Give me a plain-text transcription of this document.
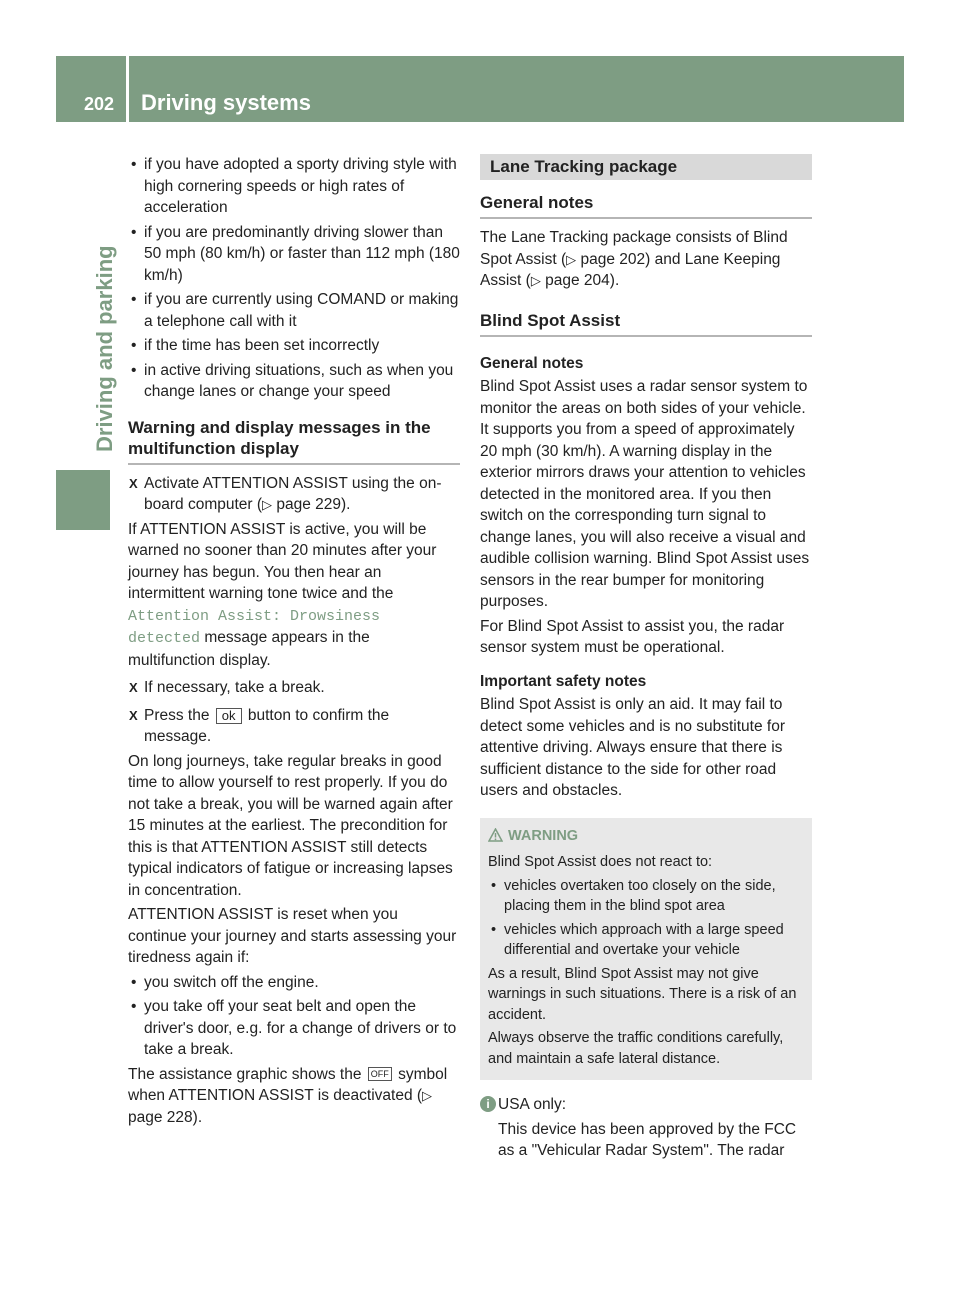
202 Driving systems
Driving and parking
• if you have adopted a sporty driving style with high cornering speeds or high rates of acceleration
• if you are predominantly driving slower than 50 mph (80 km/h) or faster than 112 mph (180 km/h)
• if you are currently using COMAND or making a telephone call with it
• if the time has been set incorrectly
• in active driving situations, such as when you change lanes or change your speed
Warning and display messages in the multifunction display
X Activate ATTENTION ASSIST using the on-board computer (▷ page 229).

If ATTENTION ASSIST is active, you will be warned no sooner than 20 minutes after your journey has begun. You then hear an intermittent warning tone twice and the Attention Assist: Drowsiness detected message appears in the multifunction display.

X If necessary, take a break.
X Press the ok button to confirm the message.

On long journeys, take regular breaks in good time to allow yourself to rest properly. If you do not take a break, you will be warned again after 15 minutes at the earliest. The precondition for this is that ATTENTION ASSIST still detects typical indicators of fatigue or increasing lapses in concentration.

ATTENTION ASSIST is reset when you continue your journey and starts assessing your tiredness again if:

• you switch off the engine.
• you take off your seat belt and open the driver's door, e.g. for a change of drivers or to take a break.

The assistance graphic shows the OFF symbol when ATTENTION ASSIST is deactivated (▷ page 228).

Lane Tracking package
General notes

The Lane Tracking package consists of Blind Spot Assist (▷ page 202) and Lane Keeping Assist (▷ page 204).

Blind Spot Assist
General notes

Blind Spot Assist uses a radar sensor system to monitor the areas on both sides of your vehicle. It supports you from a speed of approximately 20 mph (30 km/h). A warning display in the exterior mirrors draws your attention to vehicles detected in the monitored area. If you then switch on the corresponding turn signal to change lanes, you will also receive a visual and audible collision warning. Blind Spot Assist uses sensors in the rear bumper for monitoring purposes.

For Blind Spot Assist to assist you, the radar sensor system must be operational.

Important safety notes

Blind Spot Assist is only an aid. It may fail to detect some vehicles and is no substitute for attentive driving. Always ensure that there is sufficient distance to the side for other road users and obstacles.

WARNING

Blind Spot Assist does not react to:

• vehicles overtaken too closely on the side, placing them in the blind spot area
• vehicles which approach with a large speed differential and overtake your vehicle

As a result, Blind Spot Assist may not give warnings in such situations. There is a risk of an accident.

Always observe the traffic conditions carefully, and maintain a safe lateral distance.

i USA only:

This device has been approved by the FCC as a "Vehicular Radar System". The radar
